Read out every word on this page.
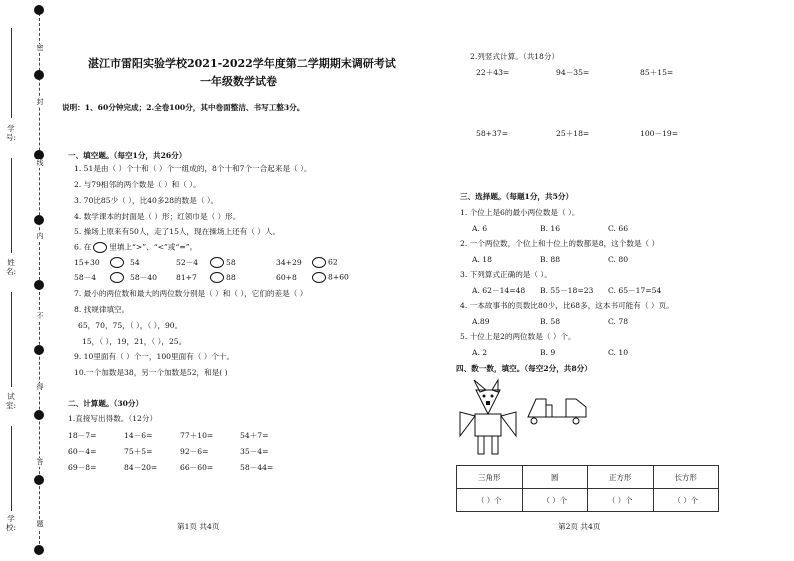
密
封
线
内
不
得
答
题
学号:
姓名:
试室:
学校:
湛江市雷阳实验学校2021-2022学年度第二学期期末调研考试
一年级数学试卷
说明：1、60分钟完成；2.全卷100分，其中卷面整洁、书写工整3分。
一、填空题。（每空1分，共26分）
1. 51是由（ ）个十和（ ）个一组成的，8个十和7个一合起来是（ ）。
2. 与79相邻的两个数是（ ）和（ ）。
3. 70比85少（ ），比40多28的数是（ ）。
4. 数学课本的封面是（ ）形；红领巾是（ ）形。
5. 操场上原来有50人，走了15人，现在操场上还有（ ）人。
6. 在 里填上“>”、“<”或“=”。
15+30	54	52－4	58	34+29	62
58－4	58－40	81+7	88	60+8	8+60
7. 最小的两位数和最大的两位数分别是（ ）和（ ），它们的差是（ ）
8. 找规律填空。
65，70，75，（ ），（ ），90。
15，（ ），19，21，（ ），25。
9. 10里面有（ ）个一，100里面有（ ）个十。
10.一个加数是38，另一个加数是52，和是( )
二、计算题。（30分）
1.直接写出得数。（12分）
18－7=	14－6=	77＋10=	54＋7=
60－4=	75＋5=	92－6=	35－4=
69－8=	84－20=	66－60=	58－44=
第1页 共4页
2.列竖式计算。（共18分）
22＋43=	94－35=	85＋15=
58+37=	25＋18=	100－19=
三、选择题。（每题1分，共5分）
1. 个位上是6的最小两位数是（ ）。
A. 6	B. 16	C. 66
2. 一个两位数，个位上和十位上的数都是8，这个数是（ ）
A. 18	B. 88	C. 80
3. 下列算式正确的是（ ）。
A. 62－14=48 B. 55－18=23 C. 65－17=54
4. 一本故事书的页数比80少，比68多，这本书可能有（ ）页。
A.89	B. 58	C. 78
5. 十位上是2的两位数是（ ）个。
A. 2	B. 9	C. 10
四、数一数，填空。（每空2分，共8分）
三角形	圆	正方形	长方形
（ ）个	（ ）个	（ ）个	（ ）个
第2页 共4页
